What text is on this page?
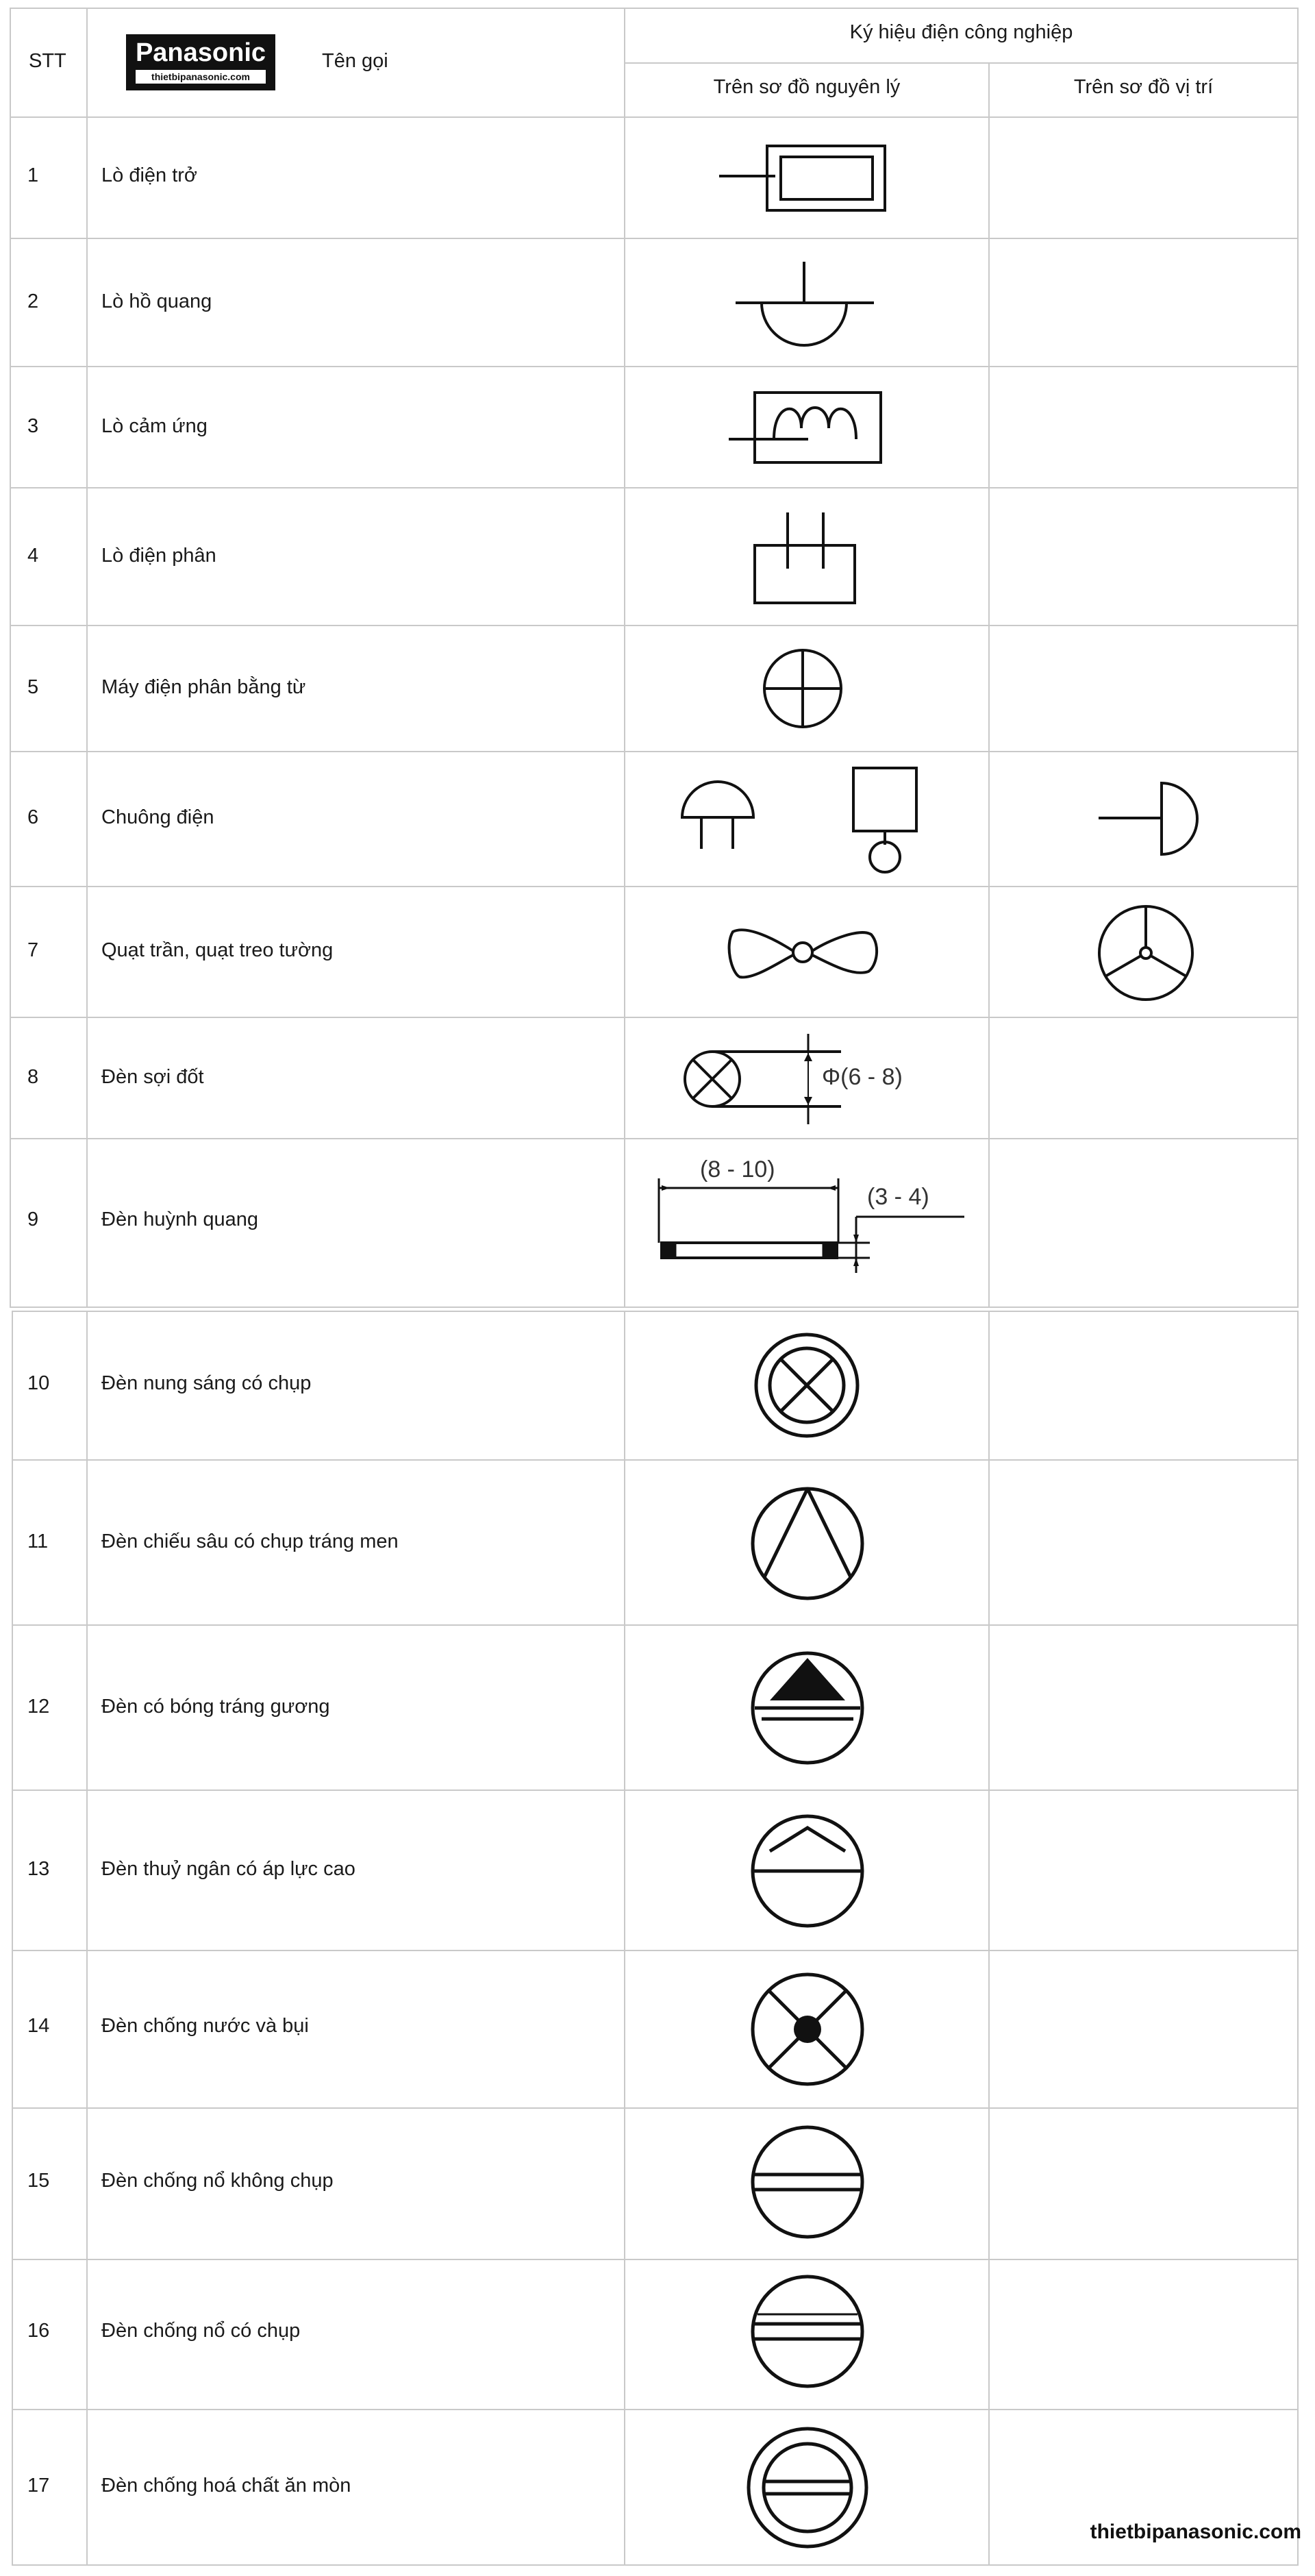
STT	Panasonic
thietbipanasonic.com
Tên gọi
Ký hiệu điện công nghiệp
Trên sơ đồ nguyên lý	Trên sơ đồ vị trí
1	Lò điện trở
2	Lò hồ quang
3	Lò cảm ứng
4	Lò điện phân
5	Máy điện phân bằng từ
6	Chuông điện
7	Quạt trần, quạt treo tường
8	Đèn sợi đốt
9	Đèn huỳnh quang
10	Đèn nung sáng có chụp
11	Đèn chiếu sâu có chụp tráng men
12	Đèn có bóng tráng gương
13	Đèn thuỷ ngân có áp lực cao
14	Đèn chống nước và bụi
15	Đèn chống nổ không chụp
16	Đèn chống nổ có chụp
17	Đèn chống hoá chất ăn mòn
Φ(6 - 8)
(8 - 10)
(3 - 4)
thietbipanasonic.com
